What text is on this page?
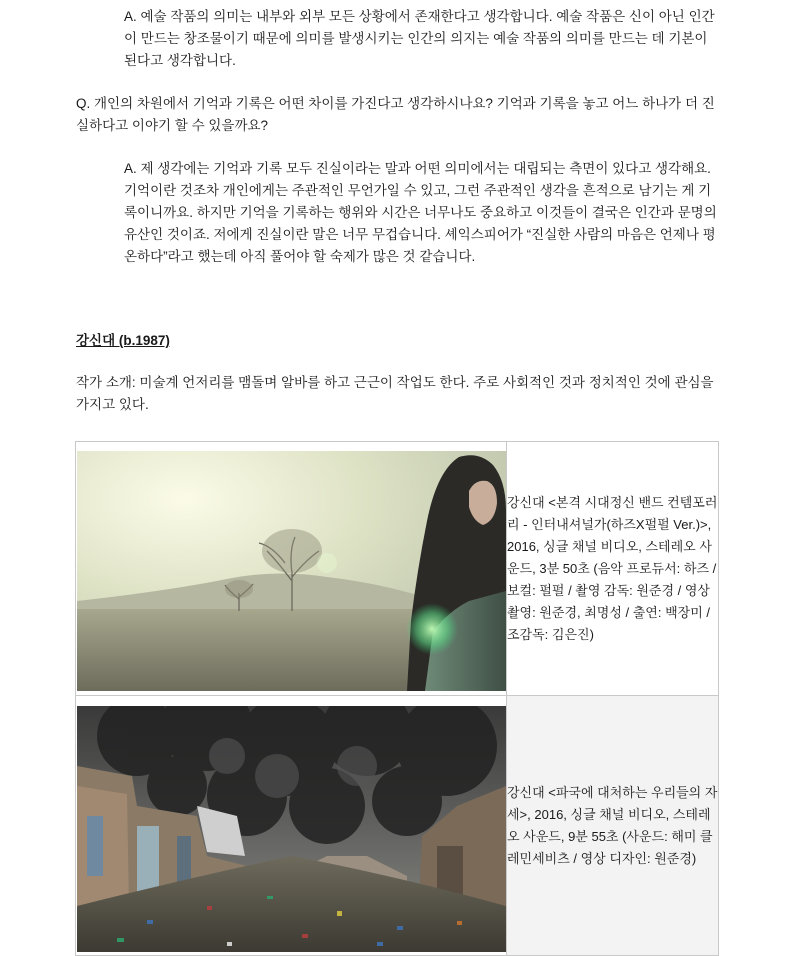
A. 예술 작품의 의미는 내부와 외부 모든 상황에서 존재한다고 생각합니다. 예술 작품은 신이 아닌 인간이 만드는 창조물이기 때문에 의미를 발생시키는 인간의 의지는 예술 작품의 의미를 만드는 데 기본이 된다고 생각합니다.
Q. 개인의 차원에서 기억과 기록은 어떤 차이를 가진다고 생각하시나요? 기억과 기록을 놓고 어느 하나가 더 진실하다고 이야기 할 수 있을까요?
A. 제 생각에는 기억과 기록 모두 진실이라는 말과 어떤 의미에서는 대립되는 측면이 있다고 생각해요. 기억이란 것조차 개인에게는 주관적인 무언가일 수 있고, 그런 주관적인 생각을 흔적으로 남기는 게 기록이니까요. 하지만 기억을 기록하는 행위와 시간은 너무나도 중요하고 이것들이 결국은 인간과 문명의 유산인 것이죠. 저에게 진실이란 말은 너무 무겁습니다. 셰익스피어가 “진실한 사람의 마음은 언제나 평온하다”라고 했는데 아직 풀어야 할 숙제가 많은 것 같습니다.
강신대 (b.1987)
작가 소개: 미술계 언저리를 맴돌며 알바를 하고 근근이 작업도 한다. 주로 사회적인 것과 정치적인 것에 관심을 가지고 있다.
	강신대 <본격 시대정신 밴드 컨템포러리 - 인터내셔널가(하즈X펄펄 Ver.)>, 2016, 싱글 채널 비디오, 스테레오 사운드, 3분 50초 (음악 프로듀서: 하즈 / 보컬: 펄펄 / 촬영 감독: 원준경 / 영상 촬영: 원준경, 최명성 / 출연: 백장미 / 조감독: 김은진)

	강신대 <파국에 대처하는 우리들의 자세>, 2016, 싱글 채널 비디오, 스테레오 사운드, 9분 55초 (사운드: 해미 클레민세비츠 / 영상 디자인: 원준경)
